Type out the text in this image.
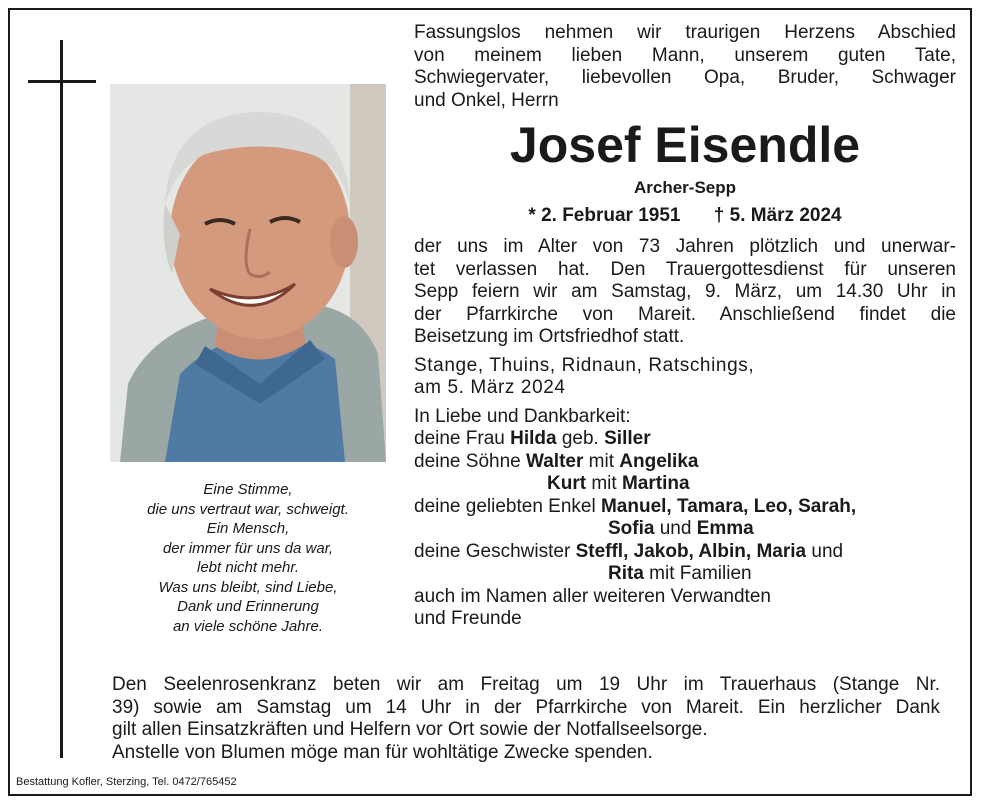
Eine Stimme,
die uns vertraut war, schweigt.
Ein Mensch,
der immer für uns da war,
lebt nicht mehr.
Was uns bleibt, sind Liebe,
Dank und Erinnerung
an viele schöne Jahre.
Fassungslos nehmen wir traurigen Herzens Abschied
von meinem lieben Mann, unserem guten Tate,
Schwiegervater, liebevollen Opa, Bruder, Schwager
und Onkel, Herrn
Josef Eisendle
Archer-Sepp
* 2. Februar 1951 † 5. März 2024
der uns im Alter von 73 Jahren plötzlich und unerwar-
tet verlassen hat. Den Trauergottesdienst für unseren
Sepp feiern wir am Samstag, 9. März, um 14.30 Uhr in
der Pfarrkirche von Mareit. Anschließend findet die
Beisetzung im Ortsfriedhof statt.
Stange, Thuins, Ridnaun, Ratschings,
am 5. März 2024
In Liebe und Dankbarkeit:
deine Frau Hilda geb. Siller
deine Söhne Walter mit Angelika
Kurt mit Martina
deine geliebten Enkel Manuel, Tamara, Leo, Sarah,
Sofia und Emma
deine Geschwister Steffl, Jakob, Albin, Maria und
Rita mit Familien
auch im Namen aller weiteren Verwandten
und Freunde
Den Seelenrosenkranz beten wir am Freitag um 19 Uhr im Trauerhaus (Stange Nr.
39) sowie am Samstag um 14 Uhr in der Pfarrkirche von Mareit. Ein herzlicher Dank
gilt allen Einsatzkräften und Helfern vor Ort sowie der Notfallseelsorge.
Anstelle von Blumen möge man für wohltätige Zwecke spenden.
Bestattung Kofler, Sterzing, Tel. 0472/765452
